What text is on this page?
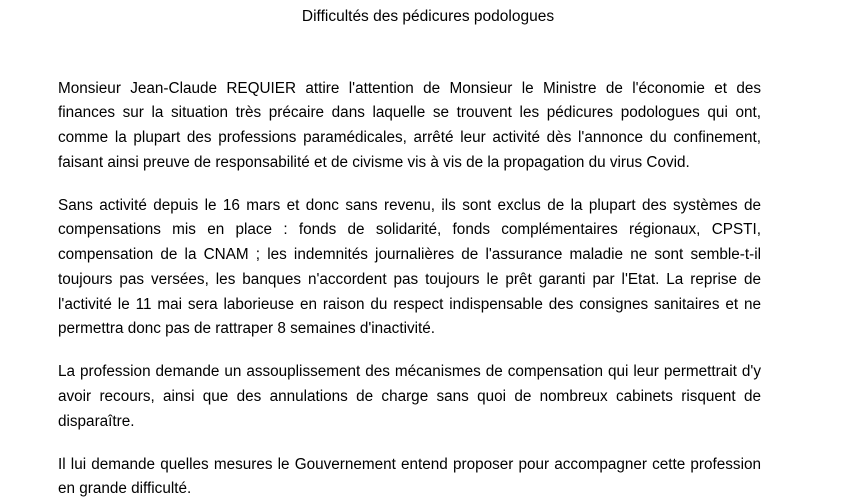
Difficultés des pédicures podologues

Monsieur Jean-Claude REQUIER attire l'attention de Monsieur le Ministre de l'économie et des finances sur la situation très précaire dans laquelle se trouvent les pédicures podologues qui ont, comme la plupart des professions paramédicales, arrêté leur activité dès l'annonce du confinement, faisant ainsi preuve de responsabilité et de civisme vis à vis de la propagation du virus Covid.

Sans activité depuis le 16 mars et donc sans revenu, ils sont exclus de la plupart des systèmes de compensations mis en place : fonds de solidarité, fonds complémentaires régionaux, CPSTI, compensation de la CNAM ; les indemnités journalières de l'assurance maladie ne sont semble-t-il toujours pas versées, les banques n'accordent pas toujours le prêt garanti par l'Etat. La reprise de l'activité le 11 mai sera laborieuse en raison du respect indispensable des consignes sanitaires et ne permettra donc pas de rattraper 8 semaines d'inactivité.

La profession demande un assouplissement des mécanismes de compensation qui leur permettrait d'y avoir recours, ainsi que des annulations de charge sans quoi de nombreux cabinets risquent de disparaître.

Il lui demande quelles mesures le Gouvernement entend proposer pour accompagner cette profession en grande difficulté.
